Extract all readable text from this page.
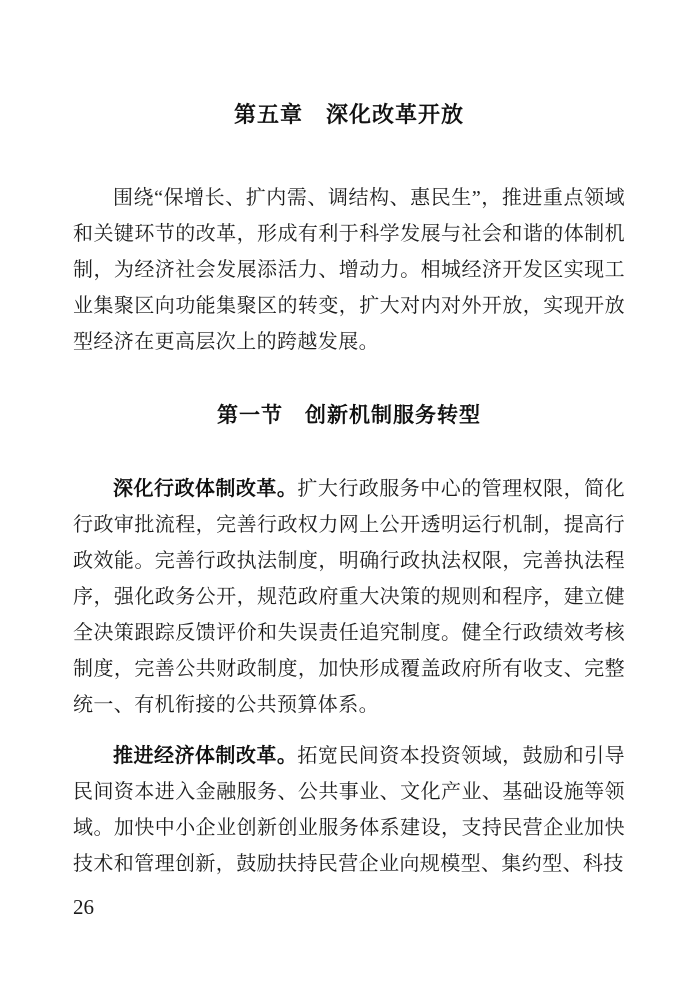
第五章　深化改革开放

围绕“保增长、扩内需、调结构、惠民生”，推进重点领域和关键环节的改革，形成有利于科学发展与社会和谐的体制机制，为经济社会发展添活力、增动力。相城经济开发区实现工业集聚区向功能集聚区的转变，扩大对内对外开放，实现开放型经济在更高层次上的跨越发展。

第一节　创新机制服务转型

深化行政体制改革。扩大行政服务中心的管理权限，简化行政审批流程，完善行政权力网上公开透明运行机制，提高行政效能。完善行政执法制度，明确行政执法权限，完善执法程序，强化政务公开，规范政府重大决策的规则和程序，建立健全决策跟踪反馈评价和失误责任追究制度。健全行政绩效考核制度，完善公共财政制度，加快形成覆盖政府所有收支、完整统一、有机衔接的公共预算体系。

推进经济体制改革。拓宽民间资本投资领域，鼓励和引导民间资本进入金融服务、公共事业、文化产业、基础设施等领域。加快中小企业创新创业服务体系建设，支持民营企业加快技术和管理创新，鼓励扶持民营企业向规模型、集约型、科技

26
